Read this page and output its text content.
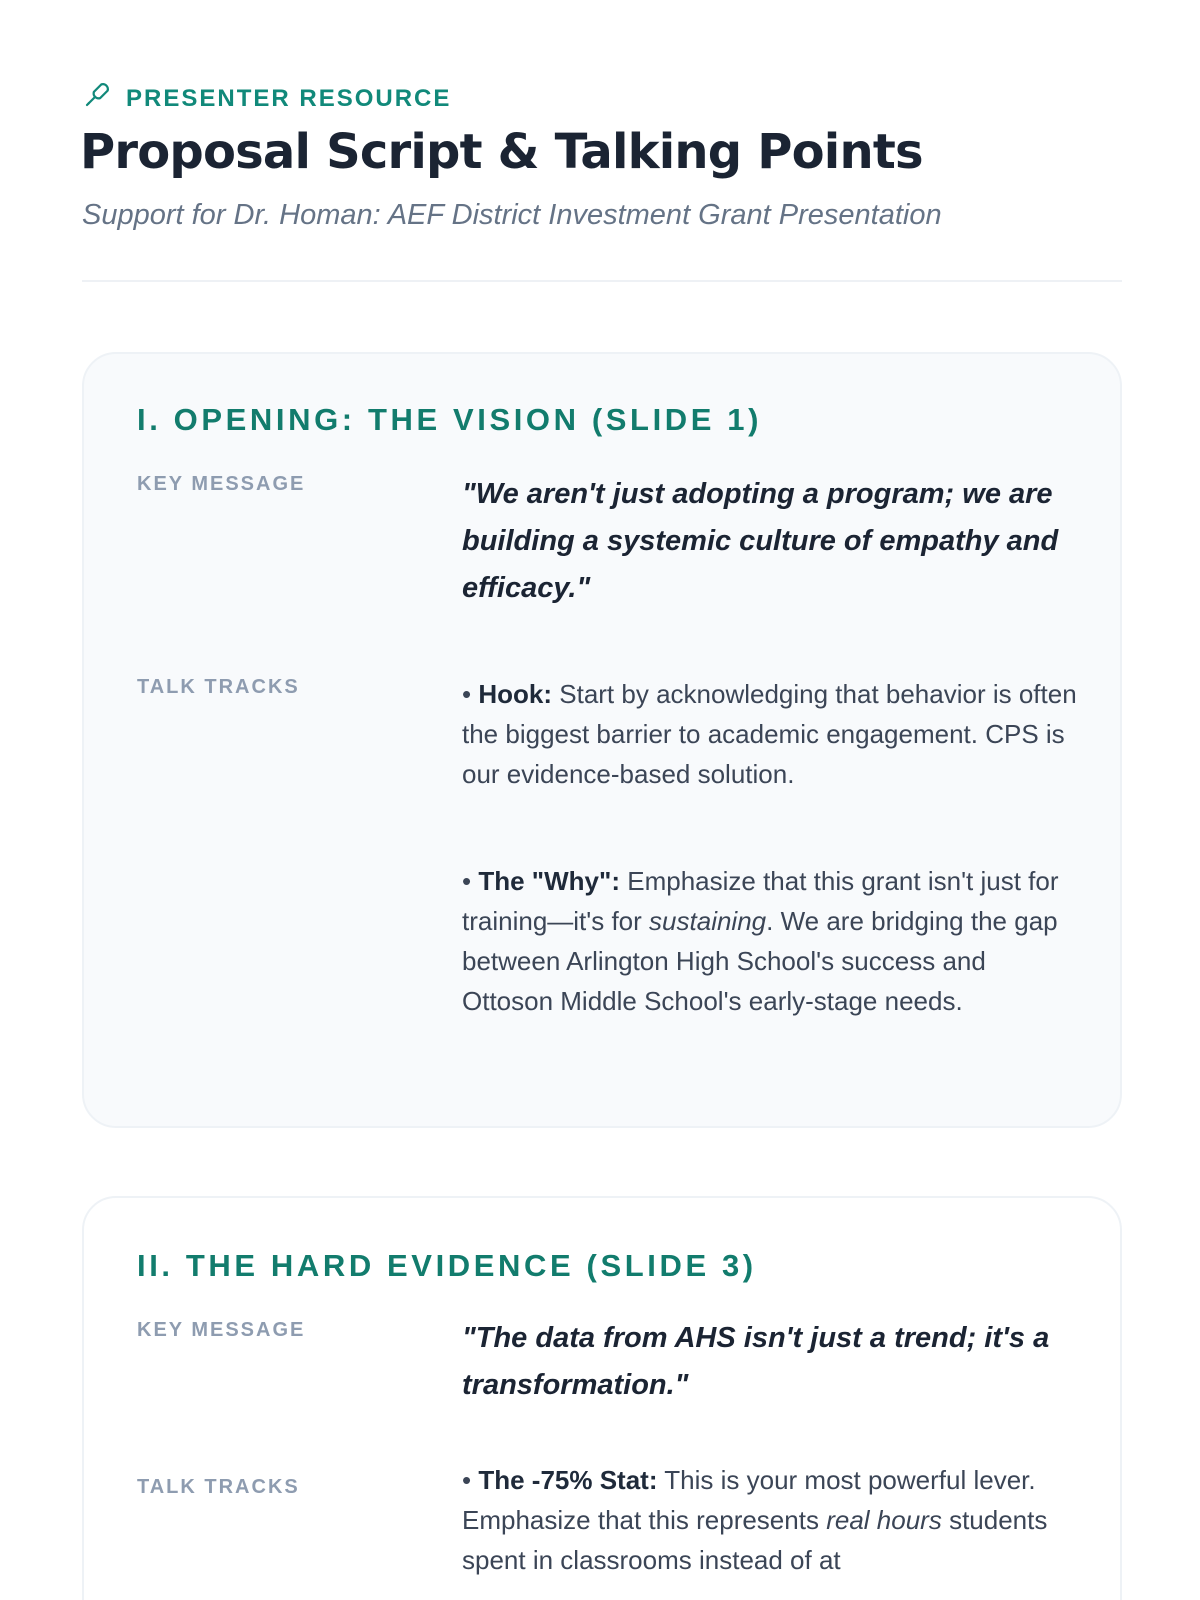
PRESENTER RESOURCE
Proposal Script & Talking Points
Support for Dr. Homan: AEF District Investment Grant Presentation
I. OPENING: THE VISION (SLIDE 1)
KEY MESSAGE	"We aren't just adopting a program; we are building a systemic culture of empathy and efficacy."
TALK TRACKS	• Hook: Start by acknowledging that behavior is often the biggest barrier to academic engagement. CPS is our evidence-based solution.

• The "Why": Emphasize that this grant isn't just for training—it's for sustaining. We are bridging the gap between Arlington High School's success and Ottoson Middle School's early-stage needs.

II. THE HARD EVIDENCE (SLIDE 3)
KEY MESSAGE	"The data from AHS isn't just a trend; it's a transformation."
TALK TRACKS	• The -75% Stat: This is your most powerful lever. Emphasize that this represents real hours students spent in classrooms instead of at
